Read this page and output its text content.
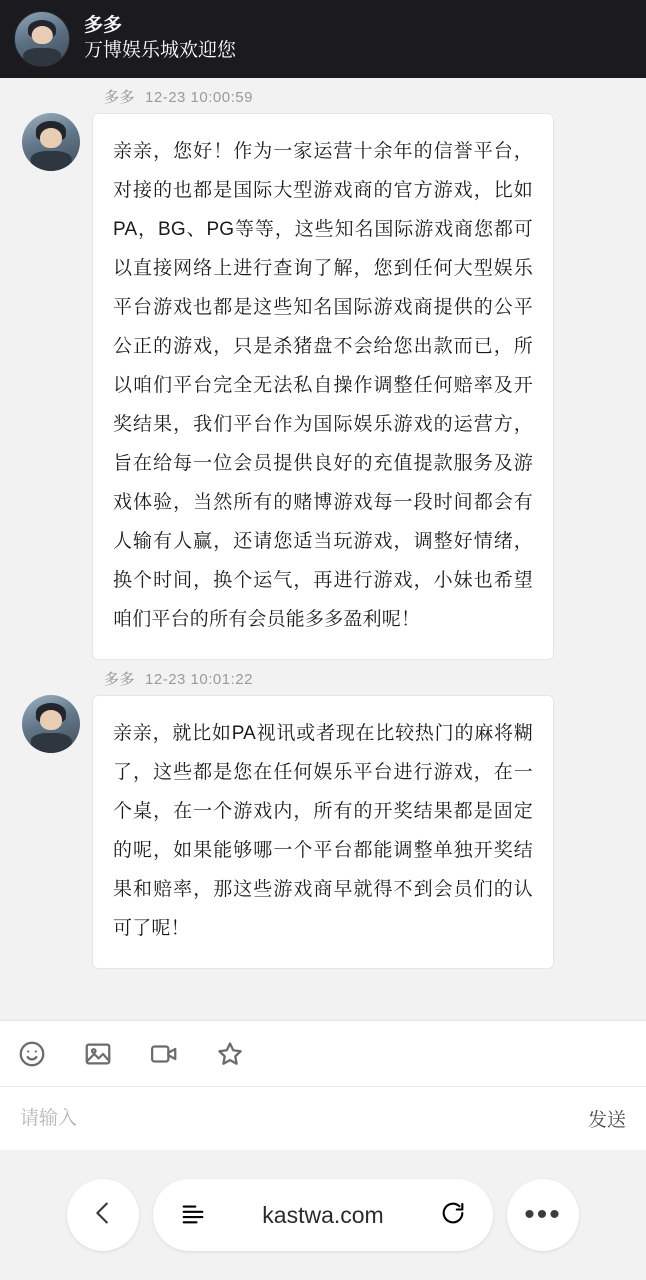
多多
万博娱乐城欢迎您
多多 12-23 10:00:59
亲亲，您好！作为一家运营十余年的信誉平台，对接的也都是国际大型游戏商的官方游戏，比如PA，BG、PG等等，这些知名国际游戏商您都可以直接网络上进行查询了解，您到任何大型娱乐平台游戏也都是这些知名国际游戏商提供的公平公正的游戏，只是杀猪盘不会给您出款而已，所以咱们平台完全无法私自操作调整任何赔率及开奖结果，我们平台作为国际娱乐游戏的运营方，旨在给每一位会员提供良好的充值提款服务及游戏体验，当然所有的赌博游戏每一段时间都会有人输有人赢，还请您适当玩游戏，调整好情绪，换个时间，换个运气，再进行游戏，小妹也希望咱们平台的所有会员能多多盈利呢！
多多 12-23 10:01:22
亲亲，就比如PA视讯或者现在比较热门的麻将糊了，这些都是您在任何娱乐平台进行游戏，在一个桌，在一个游戏内，所有的开奖结果都是固定的呢，如果能够哪一个平台都能调整单独开奖结果和赔率，那这些游戏商早就得不到会员们的认可了呢！
请输入
发送
kastwa.com	•••
